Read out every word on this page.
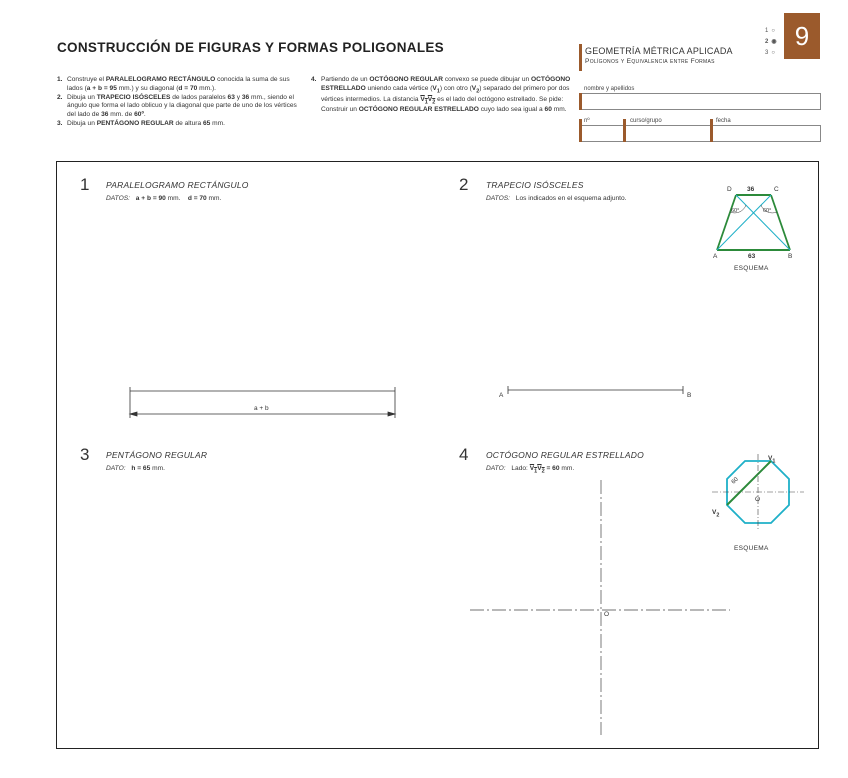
CONSTRUCCIÓN DE FIGURAS Y FORMAS POLIGONALES
1. Construye el PARALELOGRAMO RECTÁNGULO conocida la suma de sus lados (a + b = 95 mm.) y su diagonal (d = 70 mm.).
2. Dibuja un TRAPECIO ISÓSCELES de lados paralelos 63 y 36 mm., siendo el ángulo que forma el lado oblicuo y la diagonal que parte de uno de los vértices del lado de 36 mm. de 60º.
3. Dibuja un PENTÁGONO REGULAR de altura 65 mm.
4. Partiendo de un OCTÓGONO REGULAR convexo se puede dibujar un OCTÓGONO ESTRELLADO uniendo cada vértice $(V_1)$ con otro $(V_2)$ separado del primero por dos vértices intermedios. La distancia $V_1V_2$ es el lado del octógono estrellado. Se pide:
Construir un OCTÓGONO REGULAR ESTRELLADO cuyo lado sea igual a 60 mm.
GEOMETRÍA MÉTRICA APLICADA
Polígonos y Equivalencia entre Formas
1 ○
2 ◉
3 ○
9
nombre y apellidos
nº	curso/grupo	fecha
1 PARALELOGRAMO RECTÁNGULO
DATOS: a + b = 90 mm. d = 70 mm.
2 TRAPECIO ISÓSCELES
DATOS: Los indicados en el esquema adjunto.
3 PENTÁGONO REGULAR
DATO: h = 65 mm.
4 OCTÓGONO REGULAR ESTRELLADO
DATO: Lado: $V_1V_2 = 60$ mm.
a + b
A	B
D	C
36
60°	60°
A	63	B
ESQUEMA
$V_1$
$V_2$
60
O
ESQUEMA
O
